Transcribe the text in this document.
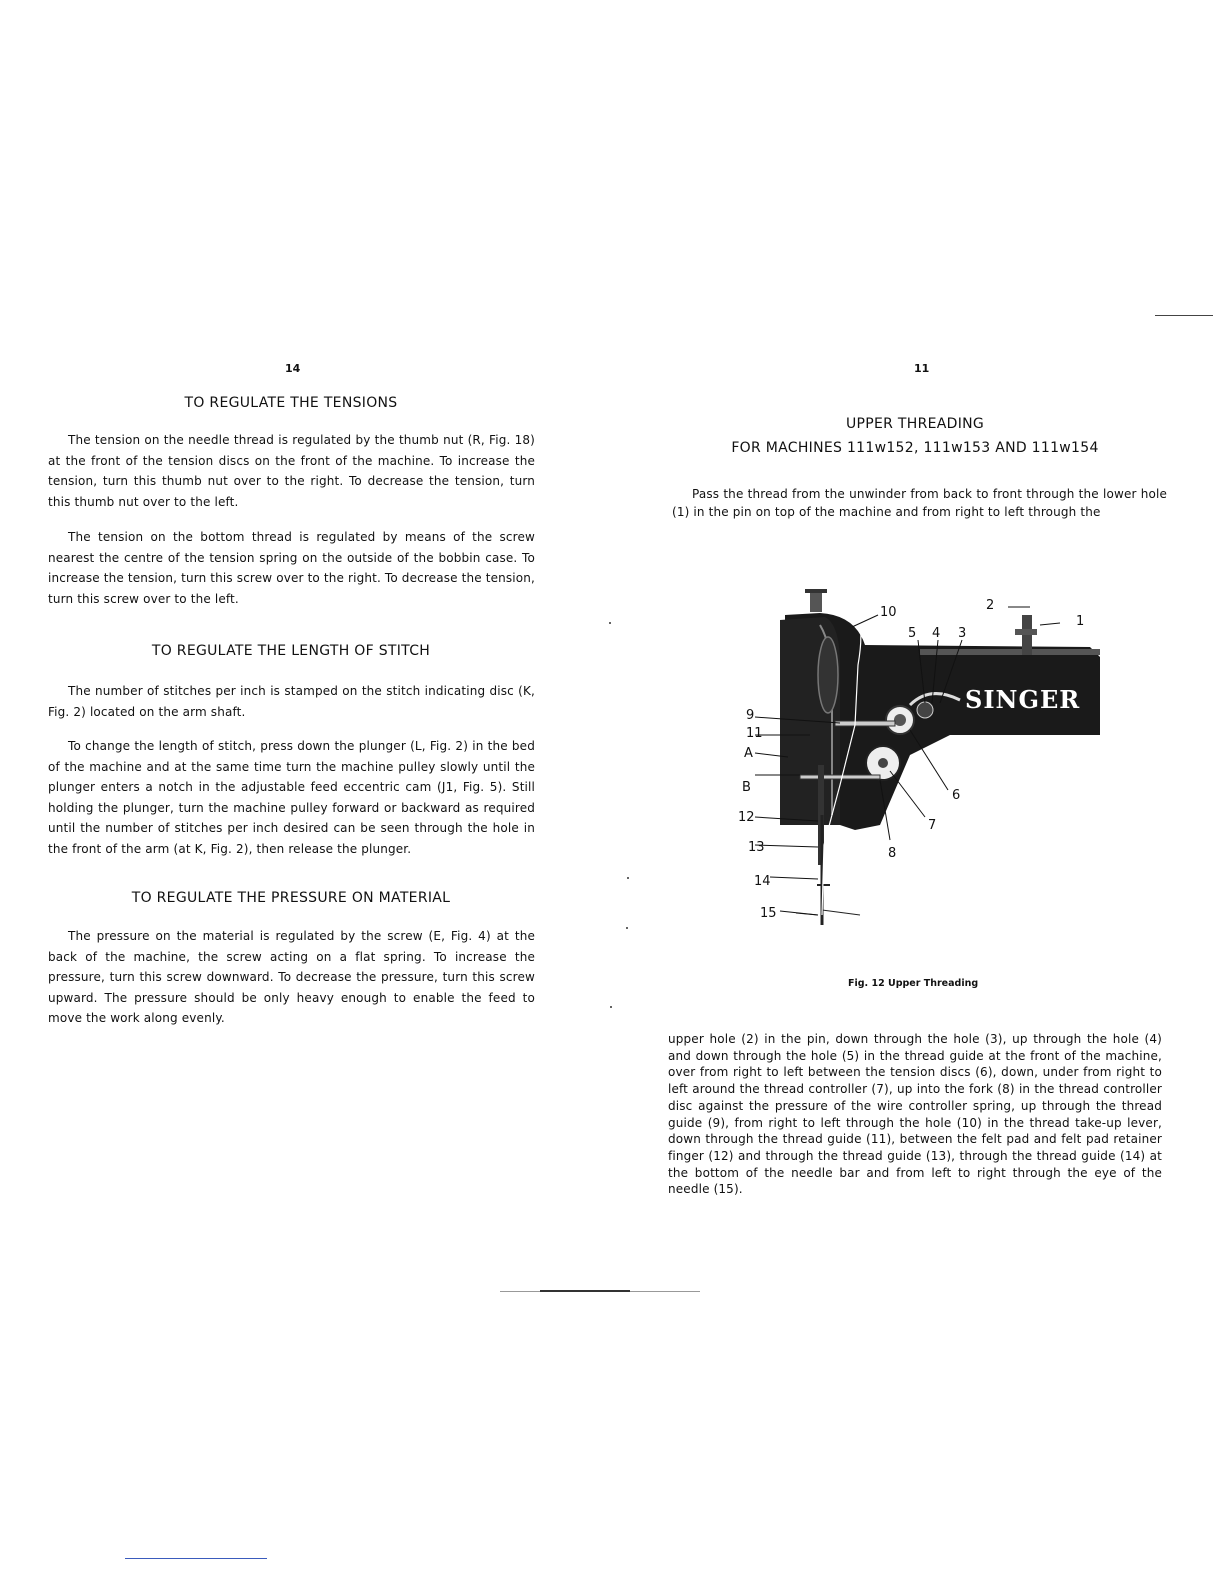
14
TO REGULATE THE TENSIONS

The tension on the needle thread is regulated by the thumb nut (R, Fig. 18) at the front of the tension discs on the front of the machine. To increase the tension, turn this thumb nut over to the right. To decrease the tension, turn this thumb nut over to the left.

The tension on the bottom thread is regulated by means of the screw nearest the centre of the tension spring on the outside of the bobbin case. To increase the tension, turn this screw over to the right. To decrease the tension, turn this screw over to the left.

TO REGULATE THE LENGTH OF STITCH

The number of stitches per inch is stamped on the stitch indicating disc (K, Fig. 2) located on the arm shaft.

To change the length of stitch, press down the plunger (L, Fig. 2) in the bed of the machine and at the same time turn the machine pulley slowly until the plunger enters a notch in the adjustable feed eccentric cam (J1, Fig. 5). Still holding the plunger, turn the machine pulley forward or backward as required until the number of stitches per inch desired can be seen through the hole in the front of the arm (at K, Fig. 2), then release the plunger.

TO REGULATE THE PRESSURE ON MATERIAL

The pressure on the material is regulated by the screw (E, Fig. 4) at the back of the machine, the screw acting on a flat spring. To increase the pressure, turn this screw downward. To decrease the pressure, turn this screw upward. The pressure should be only heavy enough to enable the feed to move the work along evenly.

11
UPPER THREADING
FOR MACHINES 111w152, 111w153 AND 111w154

Pass the thread from the unwinder from back to front through the lower hole (1) in the pin on top of the machine and from right to left through the

SINGER
10	2
1
5 4 3
9
11
A
B
6
7
8
12
13
14
15
Fig. 12 Upper Threading

upper hole (2) in the pin, down through the hole (3), up through the hole (4) and down through the hole (5) in the thread guide at the front of the machine, over from right to left between the tension discs (6), down, under from right to left around the thread controller (7), up into the fork (8) in the thread controller disc against the pressure of the wire controller spring, up through the thread guide (9), from right to left through the hole (10) in the thread take-up lever, down through the thread guide (11), between the felt pad and felt pad retainer finger (12) and through the thread guide (13), through the thread guide (14) at the bottom of the needle bar and from left to right through the eye of the needle (15).
